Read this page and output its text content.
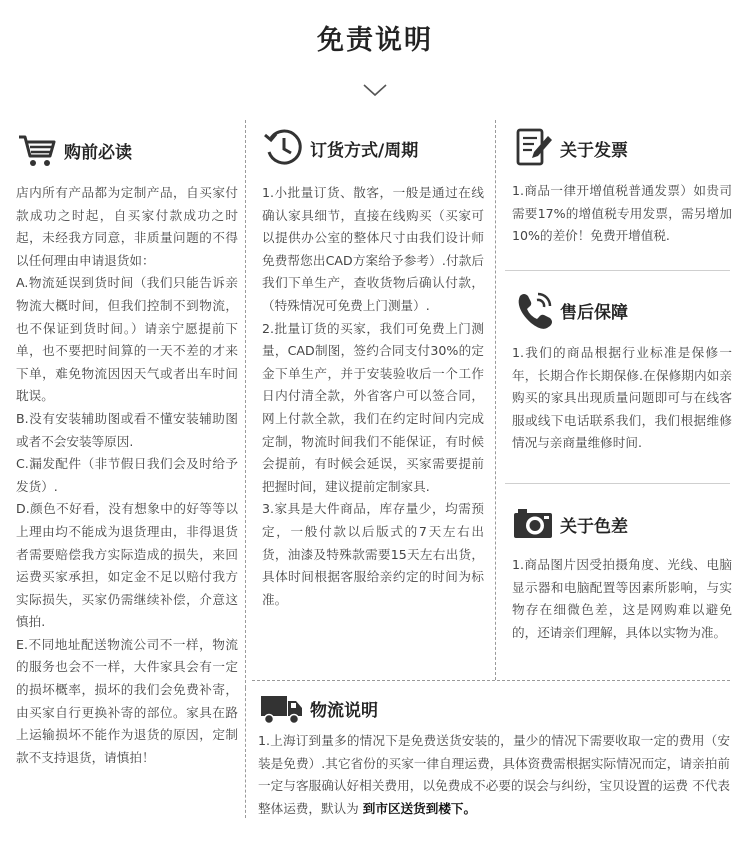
免责说明
购前必读
店内所有产品都为定制产品，自买家付款成功之时起，自买家付款成功之时起，未经我方同意，非质量问题的不得以任何理由申请退货如：
A.物流延误到货时间（我们只能告诉亲物流大概时间，但我们控制不到物流，也不保证到货时间。）请亲宁愿提前下单，也不要把时间算的一天不差的才来下单，难免物流因因天气或者出车时间耽误。
B.没有安装辅助图或看不懂安装辅助图或者不会安装等原因.
C.漏发配件（非节假日我们会及时给予发货）.
D.颜色不好看，没有想象中的好等等以上理由均不能成为退货理由，非得退货者需要赔偿我方实际造成的损失，来回运费买家承担，如定金不足以赔付我方实际损失，买家仍需继续补偿，介意这慎拍.
E.不同地址配送物流公司不一样，物流的服务也会不一样，大件家具会有一定的损坏概率，损坏的我们会免费补寄，由买家自行更换补寄的部位。家具在路上运输损坏不能作为退货的原因，定制款不支持退货，请慎拍！
订货方式/周期
1.小批量订货、散客，一般是通过在线确认家具细节，直接在线购买（买家可以提供办公室的整体尺寸由我们设计师免费帮您出CAD方案给予参考）.付款后我们下单生产，查收货物后确认付款，（特殊情况可免费上门测量）.
2.批量订货的买家，我们可免费上门测量，CAD制图，签约合同支付30%的定金下单生产，并于安装验收后一个工作日内付清全款，外省客户可以签合同，网上付款全款，我们在约定时间内完成定制，物流时间我们不能保证，有时候会提前，有时候会延误，买家需要提前把握时间，建议提前定制家具.
3.家具是大件商品，库存量少，均需预定，一般付款以后版式的7天左右出货，油漆及特殊款需要15天左右出货，具体时间根据客服给亲约定的时间为标准。
关于发票
1.商品一律开增值税普通发票）如贵司需要17%的增值税专用发票，需另增加10%的差价！免费开增值税.
售后保障
1.我们的商品根据行业标准是保修一年，长期合作长期保修.在保修期内如亲购买的家具出现质量问题即可与在线客服或线下电话联系我们，我们根据维修情况与亲商量维修时间.
关于色差
1.商品图片因受拍摄角度、光线、电脑显示器和电脑配置等因素所影响，与实物存在细微色差，这是网购难以避免的，还请亲们理解，具体以实物为准。
物流说明
1.上海订到量多的情况下是免费送货安装的，量少的情况下需要收取一定的费用（安装是免费）.其它省份的买家一律自理运费，具体资费需根据实际情况而定，请亲拍前一定与客服确认好相关费用，以免费成不必要的误会与纠纷，宝贝设置的运费 不代表整体运费，默认为 到市区送货到楼下。
